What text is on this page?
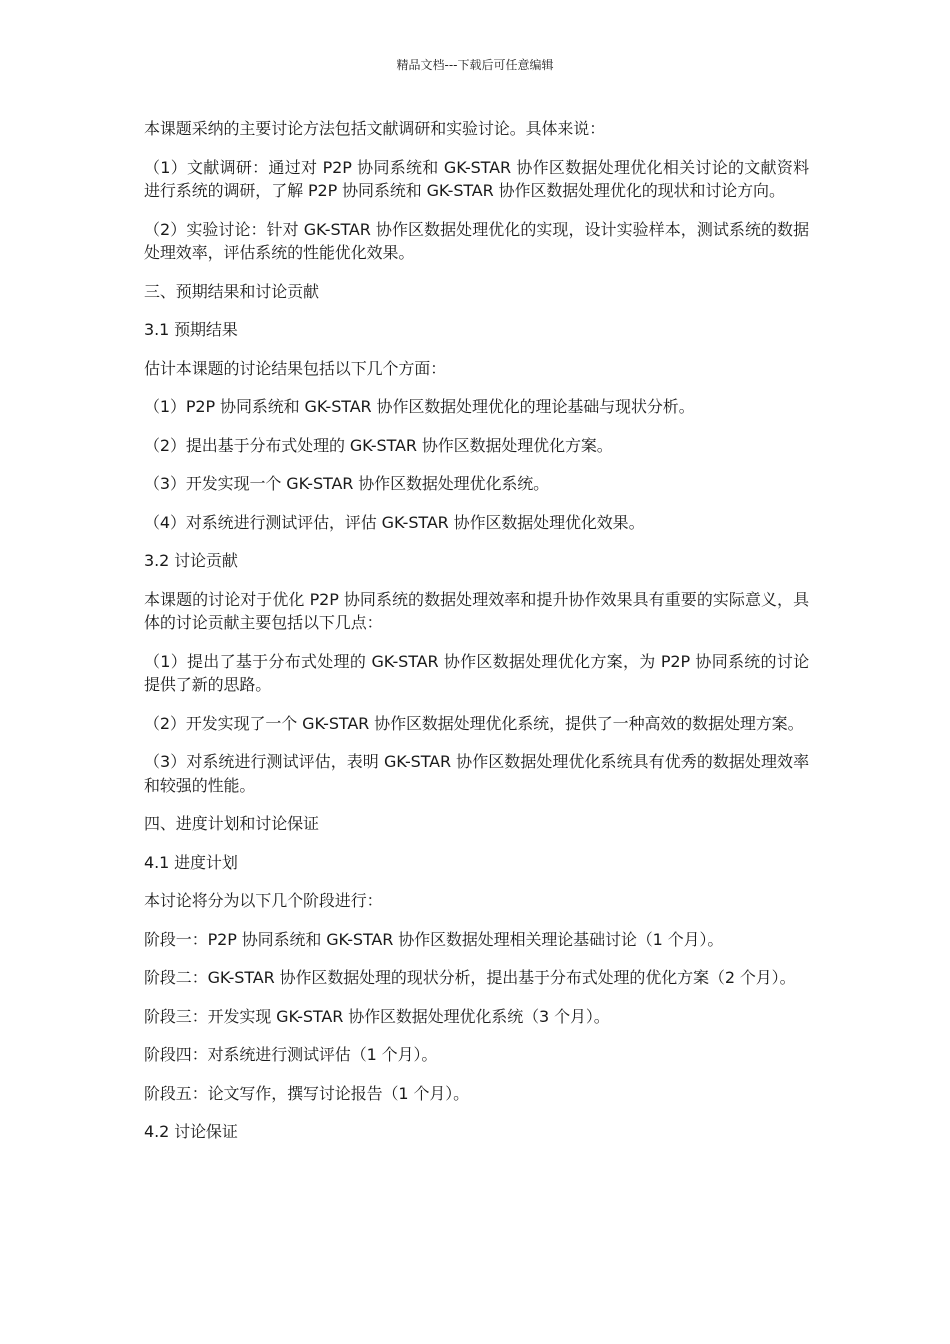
精品文档---下载后可任意编辑

本课题采纳的主要讨论方法包括文献调研和实验讨论。具体来说：

（1）文献调研：通过对 P2P 协同系统和 GK-STAR 协作区数据处理优化相关讨论的文献资料进行系统的调研，了解 P2P 协同系统和 GK-STAR 协作区数据处理优化的现状和讨论方向。

（2）实验讨论：针对 GK-STAR 协作区数据处理优化的实现，设计实验样本，测试系统的数据处理效率，评估系统的性能优化效果。

三、预期结果和讨论贡献

3.1 预期结果

估计本课题的讨论结果包括以下几个方面：

（1）P2P 协同系统和 GK-STAR 协作区数据处理优化的理论基础与现状分析。

（2）提出基于分布式处理的 GK-STAR 协作区数据处理优化方案。

（3）开发实现一个 GK-STAR 协作区数据处理优化系统。

（4）对系统进行测试评估，评估 GK-STAR 协作区数据处理优化效果。

3.2 讨论贡献

本课题的讨论对于优化 P2P 协同系统的数据处理效率和提升协作效果具有重要的实际意义，具体的讨论贡献主要包括以下几点：

（1）提出了基于分布式处理的 GK-STAR 协作区数据处理优化方案，为 P2P 协同系统的讨论提供了新的思路。

（2）开发实现了一个 GK-STAR 协作区数据处理优化系统，提供了一种高效的数据处理方案。

（3）对系统进行测试评估，表明 GK-STAR 协作区数据处理优化系统具有优秀的数据处理效率和较强的性能。

四、进度计划和讨论保证

4.1 进度计划

本讨论将分为以下几个阶段进行：

阶段一：P2P 协同系统和 GK-STAR 协作区数据处理相关理论基础讨论（1 个月）。

阶段二：GK-STAR 协作区数据处理的现状分析，提出基于分布式处理的优化方案（2 个月）。

阶段三：开发实现 GK-STAR 协作区数据处理优化系统（3 个月）。

阶段四：对系统进行测试评估（1 个月）。

阶段五：论文写作，撰写讨论报告（1 个月）。

4.2 讨论保证
